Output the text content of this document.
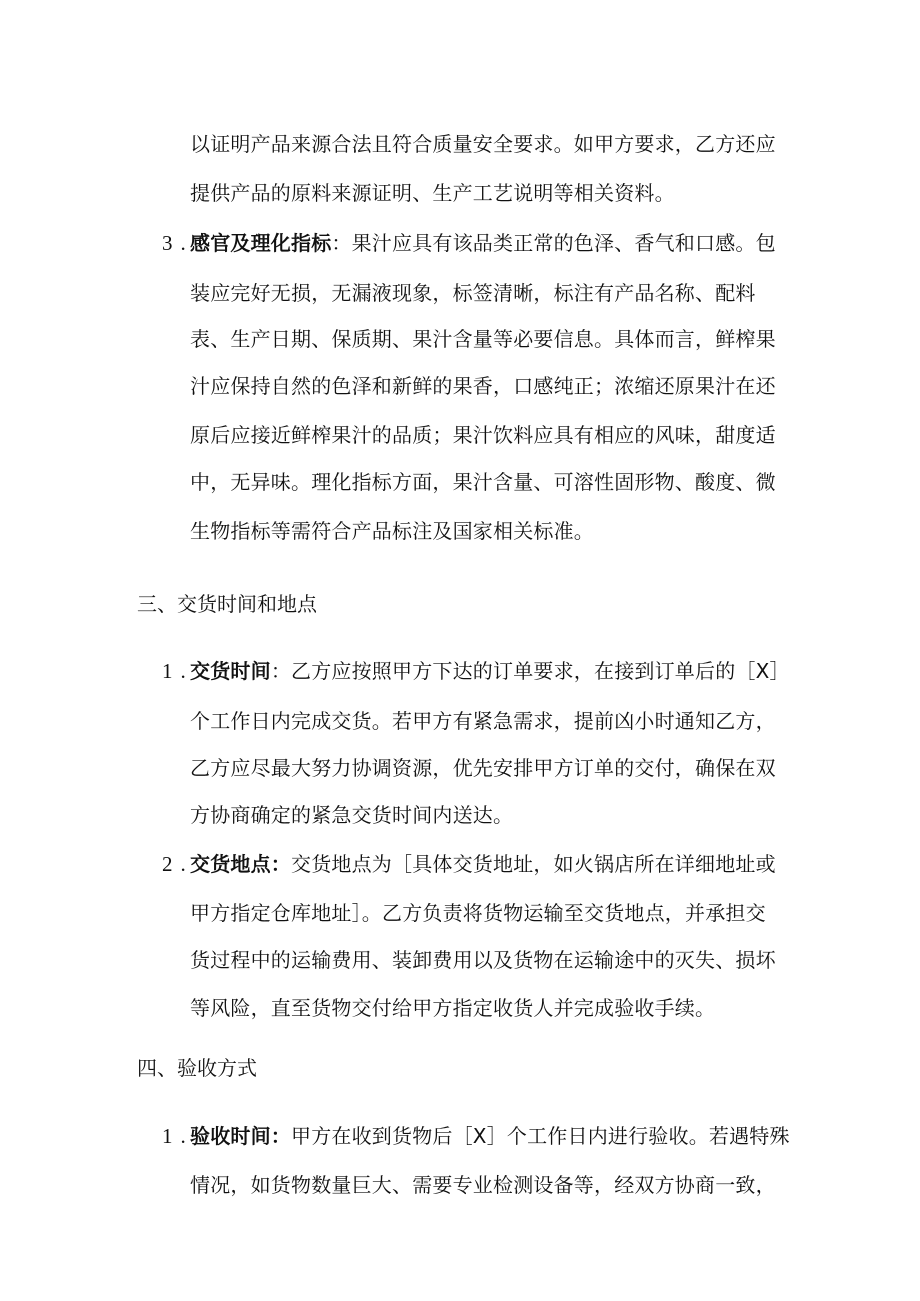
以证明产品来源合法且符合质量安全要求。如甲方要求，乙方还应
提供产品的原料来源证明、生产工艺说明等相关资料。
3 . 感官及理化指标：果汁应具有该品类正常的色泽、香气和口感。包
装应完好无损，无漏液现象，标签清晰，标注有产品名称、配料
表、生产日期、保质期、果汁含量等必要信息。具体而言，鲜榨果
汁应保持自然的色泽和新鲜的果香，口感纯正；浓缩还原果汁在还
原后应接近鲜榨果汁的品质；果汁饮料应具有相应的风味，甜度适
中，无异味。理化指标方面，果汁含量、可溶性固形物、酸度、微
生物指标等需符合产品标注及国家相关标准。
三、交货时间和地点
1 . 交货时间：乙方应按照甲方下达的订单要求，在接到订单后的［X］
个工作日内完成交货。若甲方有紧急需求，提前凶小时通知乙方，
乙方应尽最大努力协调资源，优先安排甲方订单的交付，确保在双
方协商确定的紧急交货时间内送达。
2 . 交货地点：交货地点为［具体交货地址，如火锅店所在详细地址或
甲方指定仓库地址］。乙方负责将货物运输至交货地点，并承担交
货过程中的运输费用、装卸费用以及货物在运输途中的灭失、损坏
等风险，直至货物交付给甲方指定收货人并完成验收手续。
四、验收方式
1 . 验收时间：甲方在收到货物后［X］个工作日内进行验收。若遇特殊
情况，如货物数量巨大、需要专业检测设备等，经双方协商一致，
